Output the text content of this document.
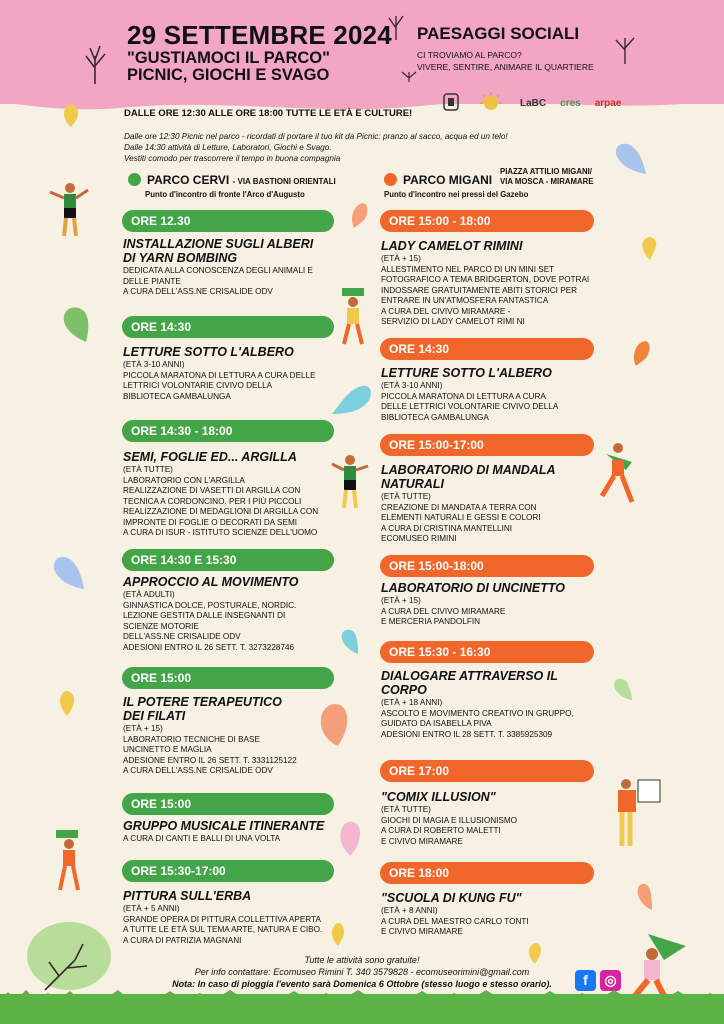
29 SETTEMBRE 2024
"GUSTIAMOCI IL PARCO"
PICNIC, GIOCHI E SVAGO
PAESAGGI SOCIALI
CI TROVIAMO AL PARCO?
VIVERE, SENTIRE, ANIMARE IL QUARTIERE
DALLE ORE 12:30 ALLE ORE 18:00 TUTTE LE ETÀ E CULTURE!
LaBC cres arpae
Dalle ore 12:30 Picnic nel parco - ricordati di portare il tuo kit da Picnic: pranzo al sacco, acqua ed un telo!
Dalle 14:30 attività di Letture, Laboratori, Giochi e Svago.
Vestiti comodo per trascorrere il tempo in buona compagnia
PARCO CERVI - VIA BASTIONI ORIENTALI
Punto d'incontro di fronte l'Arco d'Augusto
PARCO MIGANI
PIAZZA ATTILIO MIGANI/
VIA MOSCA - MIRAMARE
Punto d'incontro nei pressi del Gazebo
ORE 12.30
INSTALLAZIONE SUGLI ALBERI
DI YARN BOMBING
DEDICATA ALLA CONOSCENZA DEGLI ANIMALI E
DELLE PIANTE
A CURA DELL'ASS.NE CRISALIDE ODV
ORE 14:30
LETTURE SOTTO L'ALBERO
(ETÀ 3-10 ANNI)
PICCOLA MARATONA DI LETTURA A CURA DELLE
LETTRICI VOLONTARIE CIVIVO DELLA
BIBLIOTECA GAMBALUNGA
ORE 14:30 - 18:00
SEMI, FOGLIE ED... ARGILLA
(ETÀ TUTTE)
LABORATORIO CON L'ARGILLA
REALIZZAZIONE DI VASETTI DI ARGILLA CON
TECNICA A CORDONCINO. PER I PIÙ PICCOLI
REALIZZAZIONE DI MEDAGLIONI DI ARGILLA CON
IMPRONTE DI FOGLIE O DECORATI DA SEMI
A CURA DI ISUR - ISTITUTO SCIENZE DELL'UOMO
ORE 14:30 E 15:30
APPROCCIO AL MOVIMENTO
(ETÀ ADULTI)
GINNASTICA DOLCE, POSTURALE, NORDIC.
LEZIONE GESTITA DALLE INSEGNANTI DI
SCIENZE MOTORIE
DELL'ASS.NE CRISALIDE ODV
ADESIONI ENTRO IL 26 SETT. T. 3273228746
ORE 15:00
IL POTERE TERAPEUTICO
DEI FILATI
(ETÀ + 15)
LABORATORIO TECNICHE DI BASE
UNCINETTO E MAGLIA
ADESIONE ENTRO IL 26 SETT. T. 3331125122
A CURA DELL'ASS.NE CRISALIDE ODV
ORE 15:00
GRUPPO MUSICALE ITINERANTE
A CURA DI CANTI E BALLI DI UNA VOLTA
ORE 15:30-17:00
PITTURA SULL'ERBA
(ETÀ + 5 ANNI)
GRANDE OPERA DI PITTURA COLLETTIVA APERTA
A TUTTE LE ETÀ SUL TEMA ARTE, NATURA E CIBO.
A CURA DI PATRIZIA MAGNANI
ORE 15:00 - 18:00
LADY CAMELOT RIMINI
(ETÀ + 15)
ALLESTIMENTO NEL PARCO DI UN MINI SET
FOTOGRAFICO A TEMA BRIDGERTON, DOVE POTRAI
INDOSSARE GRATUITAMENTE ABITI STORICI PER
ENTRARE IN UN'ATMOSFERA FANTASTICA
A CURA DEL CIVIVO MIRAMARE -
SERVIZIO DI LADY CAMELOT RIMI NI
ORE 14:30
LETTURE SOTTO L'ALBERO
(ETÀ 3-10 ANNI)
PICCOLA MARATONA DI LETTURA A CURA
DELLE LETTRICI VOLONTARIE CIVIVO DELLA
BIBLIOTECA GAMBALUNGA
ORE 15:00-17:00
LABORATORIO DI MANDALA
NATURALI
(ETÀ TUTTE)
CREAZIONE DI MANDATA A TERRA CON
ELEMENTI NATURALI E GESSI E COLORI
A CURA DI CRISTINA MANTELLINI
ECOMUSEO RIMINI
ORE 15:00-18:00
LABORATORIO DI UNCINETTO
(ETÀ + 15)
A CURA DEL CIVIVO MIRAMARE
E MERCERIA PANDOLFIN
ORE 15:30 - 16:30
DIALOGARE ATTRAVERSO IL
CORPO
(ETÀ + 18 ANNI)
ASCOLTO E MOVIMENTO CREATIVO IN GRUPPO,
GUIDATO DA ISABELLA PIVA
ADESIONI ENTRO IL 28 SETT. T. 3385925309
ORE 17:00
"COMIX ILLUSION"
(ETÀ TUTTE)
GIOCHI DI MAGIA E ILLUSIONISMO
A CURA DI ROBERTO MALETTI
E CIVIVO MIRAMARE
ORE 18:00
"SCUOLA DI KUNG FU"
(ETÀ + 8 ANNI)
A CURA DEL MAESTRO CARLO TONTI
E CIVIVO MIRAMARE
Tutte le attività sono gratuite!
Per info contattare: Ecomuseo Rimini T. 340 3579828 - ecomuseorimini@gmail.com
Nota: In caso di pioggia l'evento sarà Domenica 6 Ottobre (stesso luogo e stesso orario).	f	◎
